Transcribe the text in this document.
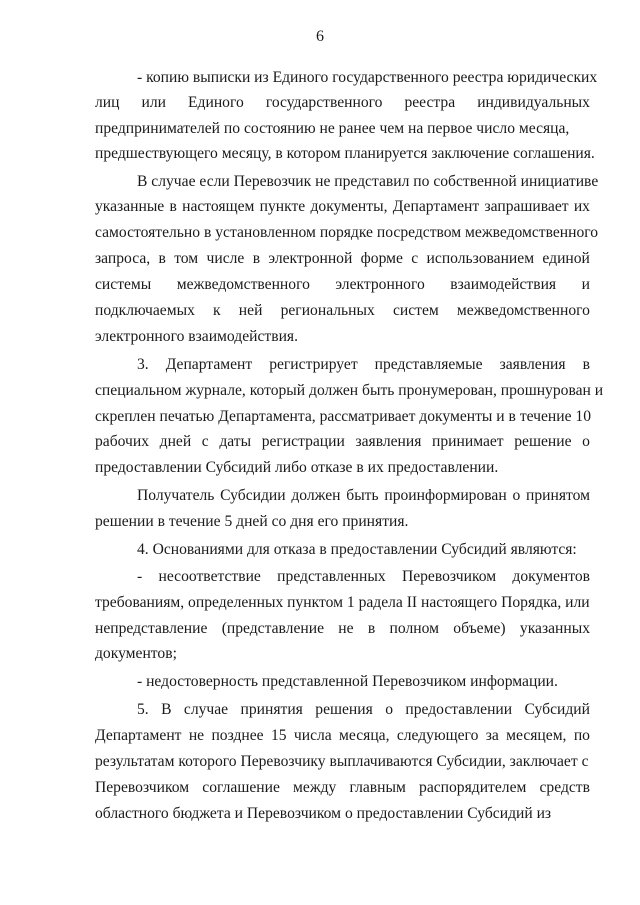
6
- копию выписки из Единого государственного реестра юридических
лиц или Единого государственного реестра индивидуальных
предпринимателей по состоянию не ранее чем на первое число месяца,
предшествующего месяцу, в котором планируется заключение соглашения.
В случае если Перевозчик не представил по собственной инициативе
указанные в настоящем пункте документы, Департамент запрашивает их
самостоятельно в установленном порядке посредством межведомственного
запроса, в том числе в электронной форме с использованием единой
системы межведомственного электронного взаимодействия и
подключаемых к ней региональных систем межведомственного
электронного взаимодействия.
3. Департамент регистрирует представляемые заявления в
специальном журнале, который должен быть пронумерован, прошнурован и
скреплен печатью Департамента, рассматривает документы и в течение 10
рабочих дней с даты регистрации заявления принимает решение о
предоставлении Субсидий либо отказе в их предоставлении.
Получатель Субсидии должен быть проинформирован о принятом
решении в течение 5 дней со дня его принятия.
4. Основаниями для отказа в предоставлении Субсидий являются:
- несоответствие представленных Перевозчиком документов
требованиям, определенных пунктом 1 радела II настоящего Порядка, или
непредставление (представление не в полном объеме) указанных
документов;
- недостоверность представленной Перевозчиком информации.
5. В случае принятия решения о предоставлении Субсидий
Департамент не позднее 15 числа месяца, следующего за месяцем, по
результатам которого Перевозчику выплачиваются Субсидии, заключает с
Перевозчиком соглашение между главным распорядителем средств
областного бюджета и Перевозчиком о предоставлении Субсидий из
